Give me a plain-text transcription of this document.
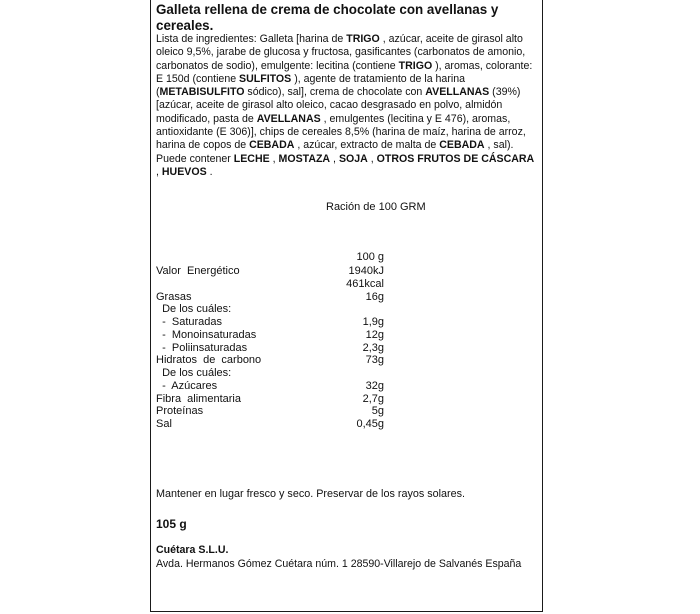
Galleta rellena de crema de chocolate con avellanas y cereales.

Lista de ingredientes: Galleta [harina de TRIGO , azúcar, aceite de girasol alto oleico 9,5%, jarabe de glucosa y fructosa, gasificantes (carbonatos de amonio, carbonatos de sodio), emulgente: lecitina (contiene TRIGO ), aromas, colorante: E 150d (contiene SULFITOS ), agente de tratamiento de la harina (METABISULFITO sódico), sal], crema de chocolate con AVELLANAS (39%) [azúcar, aceite de girasol alto oleico, cacao desgrasado en polvo, almidón modificado, pasta de AVELLANAS , emulgentes (lecitina y E 476), aromas, antioxidante (E 306)], chips de cereales 8,5% (harina de maíz, harina de arroz, harina de copos de CEBADA , azúcar, extracto de malta de CEBADA , sal). Puede contener LECHE , MOSTAZA , SOJA , OTROS FRUTOS DE CÁSCARA , HUEVOS .

Ración de 100 GRM
100 g
Valor  Energético	1940kJ
461kcal
Grasas	16g
De los cuáles:
-  Saturadas	1,9g
-  Monoinsaturadas	12g
-  Poliinsaturadas	2,3g
Hidratos  de  carbono	73g
De los cuáles:
-  Azúcares	32g
Fibra  alimentaria	2,7g
Proteínas	5g
Sal	0,45g
Mantener en lugar fresco y seco. Preservar de los rayos solares.
105 g
Cuétara S.L.U.
Avda. Hermanos Gómez Cuétara núm. 1 28590-Villarejo de Salvanés España
